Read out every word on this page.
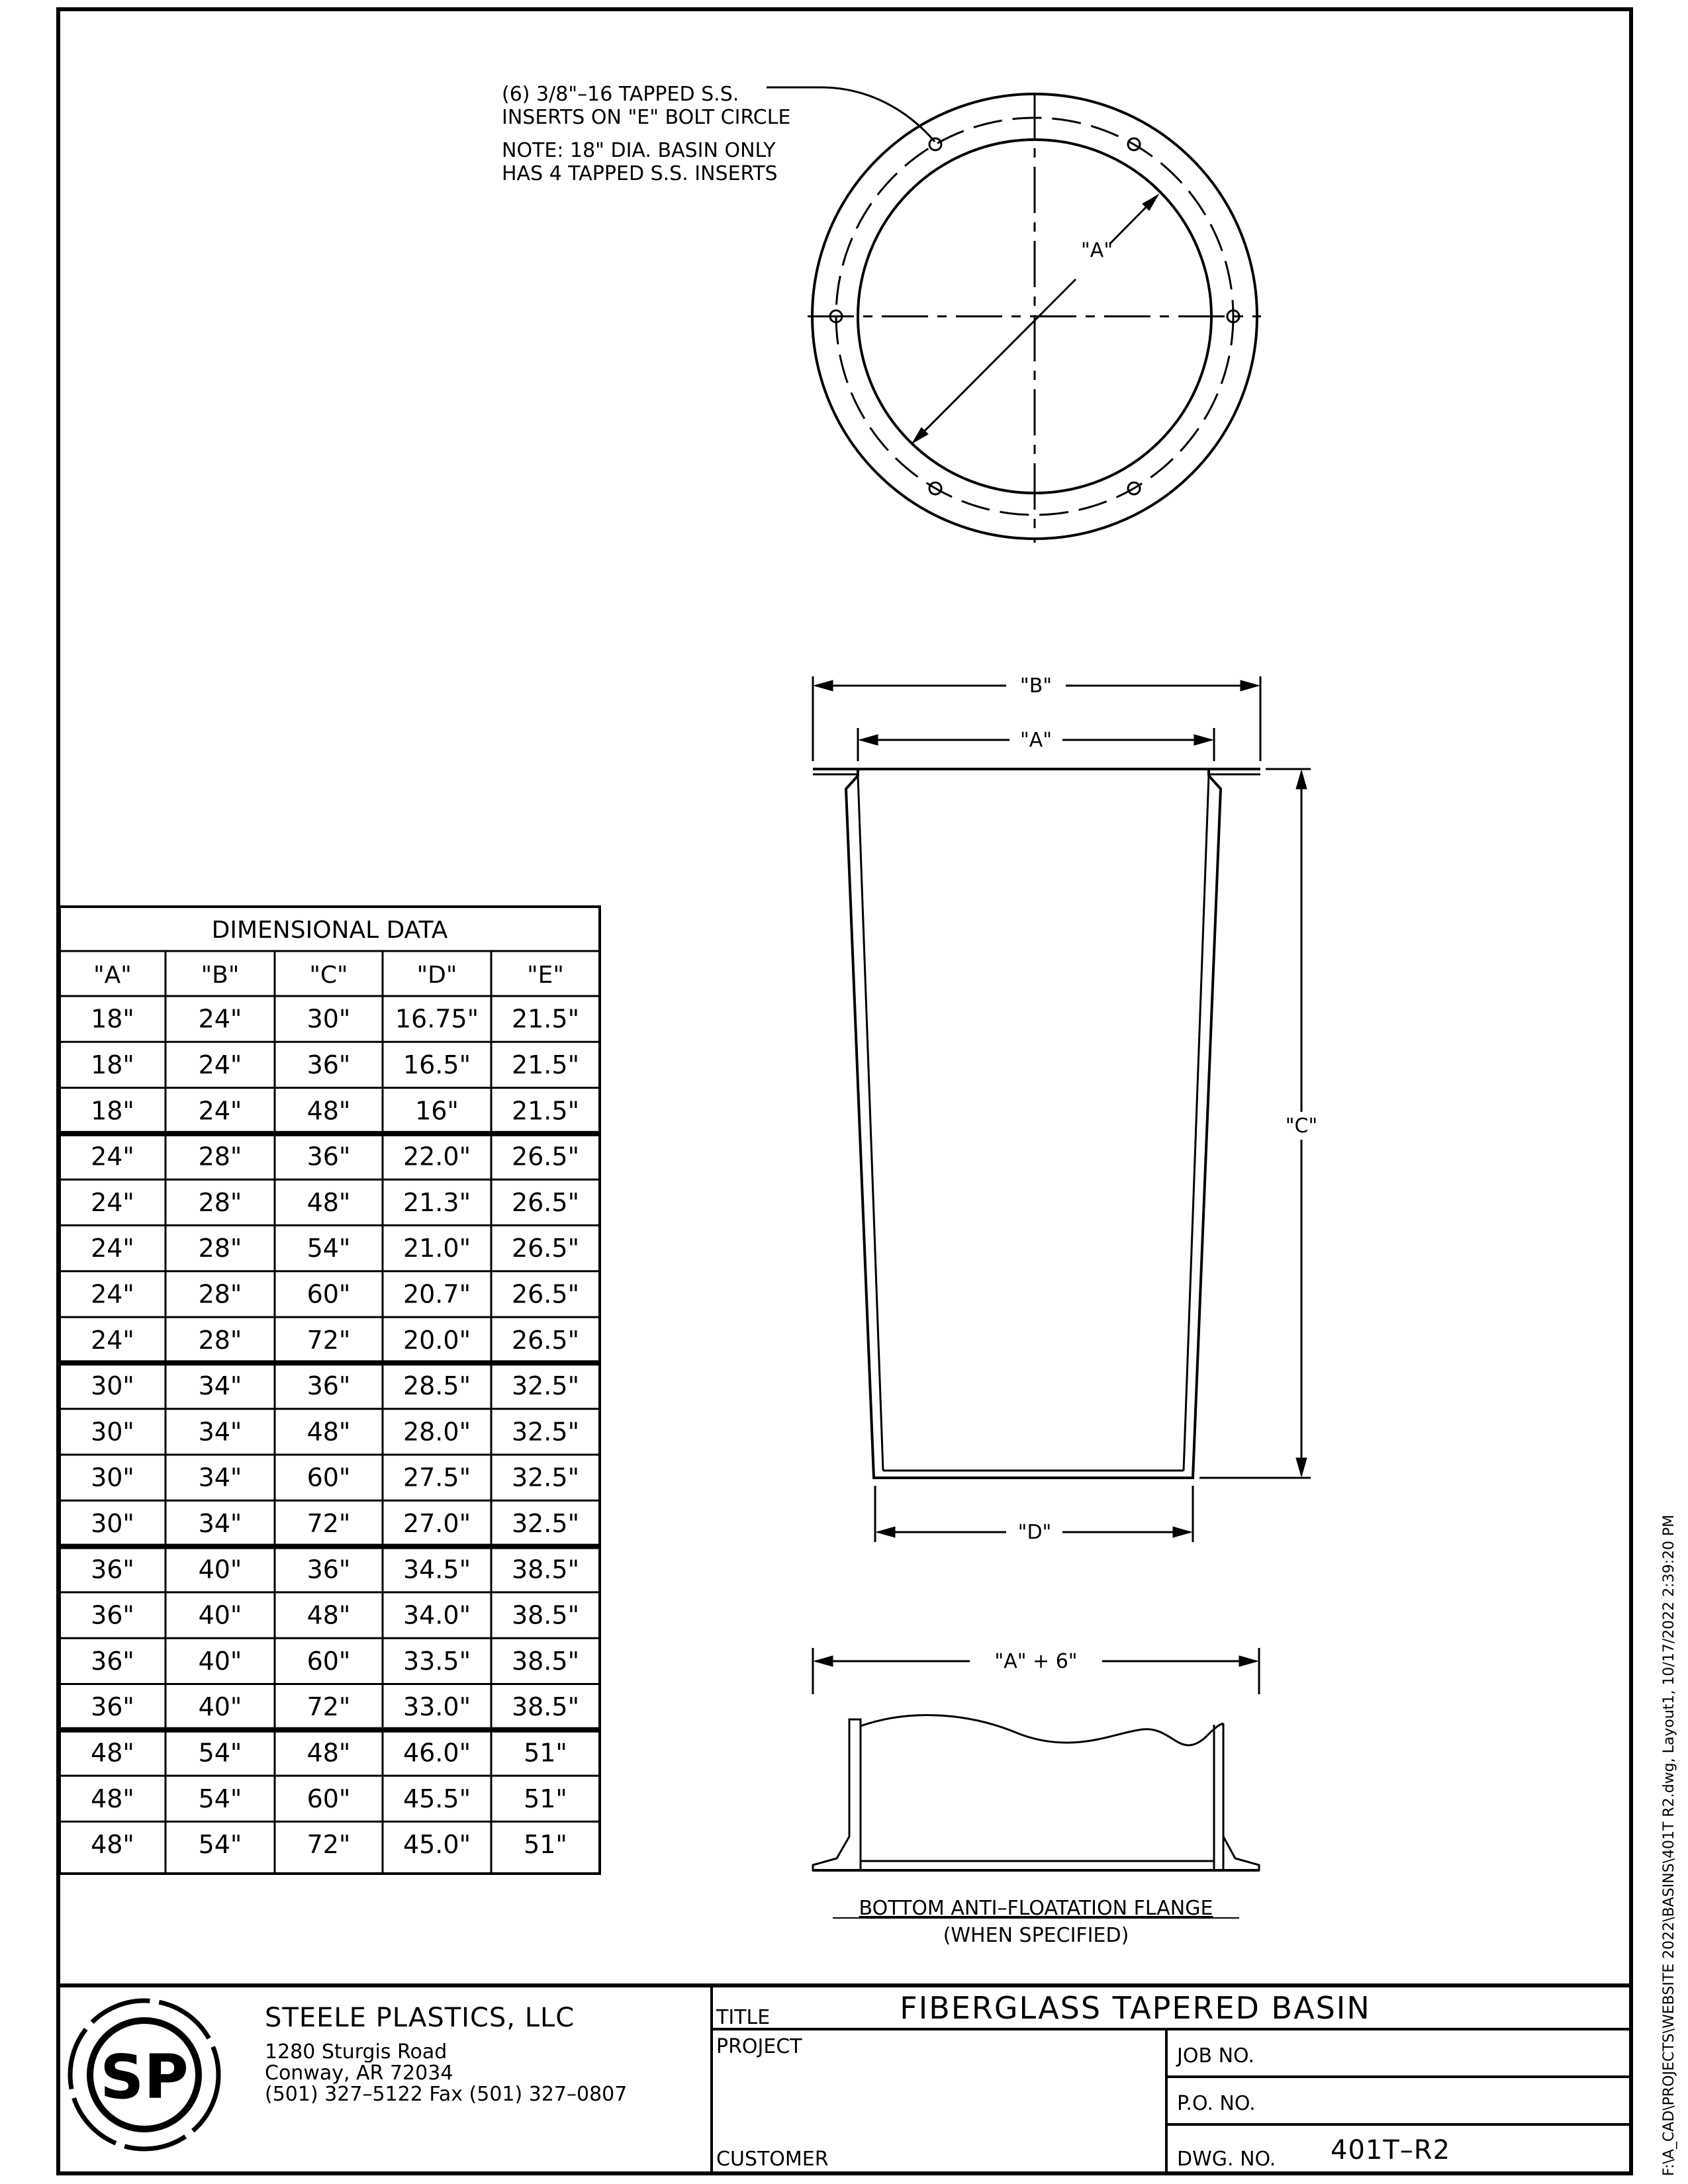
(6) 3/8"–16 TAPPED S.S.
INSERTS ON "E" BOLT CIRCLE
NOTE: 18" DIA. BASIN ONLY
HAS 4 TAPPED S.S. INSERTS
"A"
"B"
"A"
"C"
"D"
"A" + 6"
BOTTOM ANTI–FLOATATION FLANGE
(WHEN SPECIFIED)
DIMENSIONAL DATA
"A"	"B"	"C"	"D"	"E"
18"	24"	30" 16.75" 21.5"
18"	24"	36" 16.5" 21.5"
18"	24"	48"	16" 21.5"
24"	28"	36" 22.0" 26.5"
24"	28"	48" 21.3" 26.5"
24"	28"	54" 21.0" 26.5"
24"	28"	60" 20.7" 26.5"
24"	28"	72" 20.0" 26.5"
30"	34"	36" 28.5" 32.5"
30"	34"	48" 28.0" 32.5"
30"	34"	60" 27.5" 32.5"
30"	34"	72" 27.0" 32.5"
36"	40"	36" 34.5" 38.5"
36"	40"	48" 34.0" 38.5"
36"	40"	60" 33.5" 38.5"
36"	40"	72" 33.0" 38.5"
48"	54"	48" 46.0" 51"
48"	54"	60" 45.5" 51"
48"	54"	72" 45.0" 51"
SP
STEELE PLASTICS, LLC
1280 Sturgis Road
Conway, AR 72034
(501) 327–5122 Fax (501) 327–0807
TITLE	FIBERGLASS TAPERED BASIN
PROJECT
CUSTOMER
JOB NO.
P.O. NO.
DWG. NO. 401T–R2	F:\A_CAD\PROJECTS\WEBSITE 2022\BASINS\401T R2.dwg, Layout1, 10/17/2022 2:39:20 PM
